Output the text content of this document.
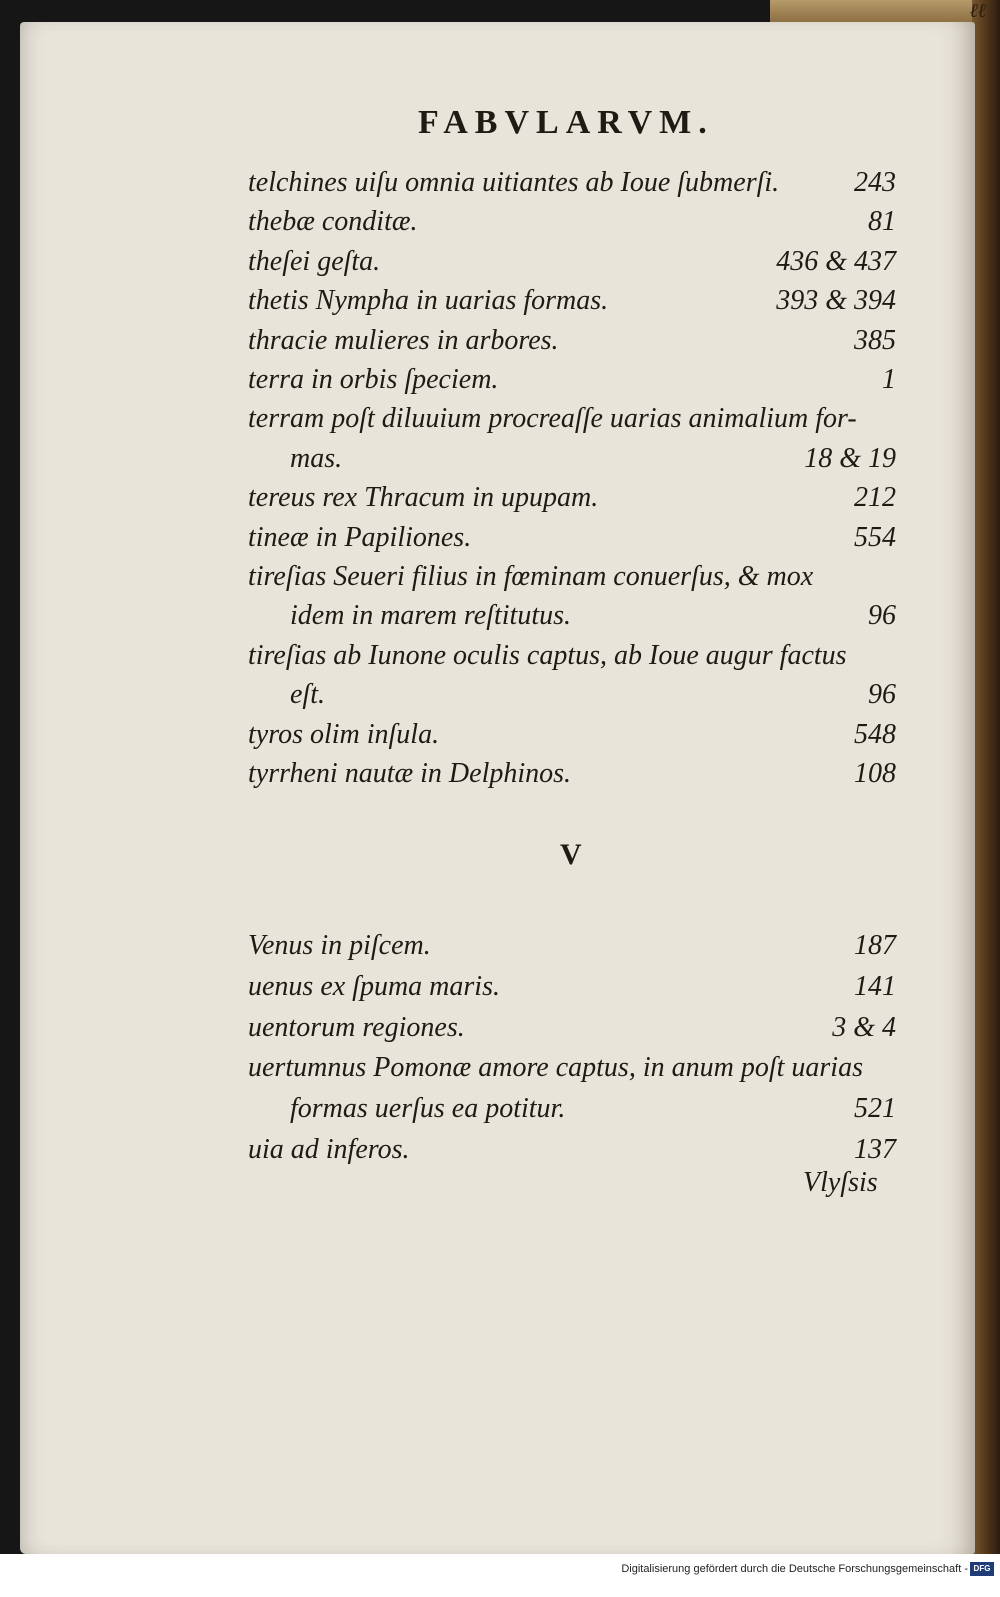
ℓℓ
FABVLARVM.
V
Vlyſsis
Digitalisierung gefördert durch die Deutsche Forschungsgemeinschaft - DFG
telchines uiſu omnia uitiantes ab Ioue ſubmerſi.	243
thebæ conditæ.	81
theſei geſta.	436 & 437
thetis Nympha in uarias formas.	393 & 394
thracie mulieres in arbores.	385
terra in orbis ſpeciem.	1
terram poſt diluuium procreaſſe uarias animalium for-
mas.	18 & 19
tereus rex Thracum in upupam.	212
tineæ in Papiliones.	554
tireſias Seueri filius in fœminam conuerſus, & mox
idem in marem reſtitutus.	96
tireſias ab Iunone oculis captus, ab Ioue augur factus
eſt.	96
tyros olim inſula.	548
tyrrheni nautæ in Delphinos.	108
Venus in piſcem.	187
uenus ex ſpuma maris.	141
uentorum regiones.	3 & 4
uertumnus Pomonæ amore captus, in anum poſt uarias
formas uerſus ea potitur.	521
uia ad inferos.	137
